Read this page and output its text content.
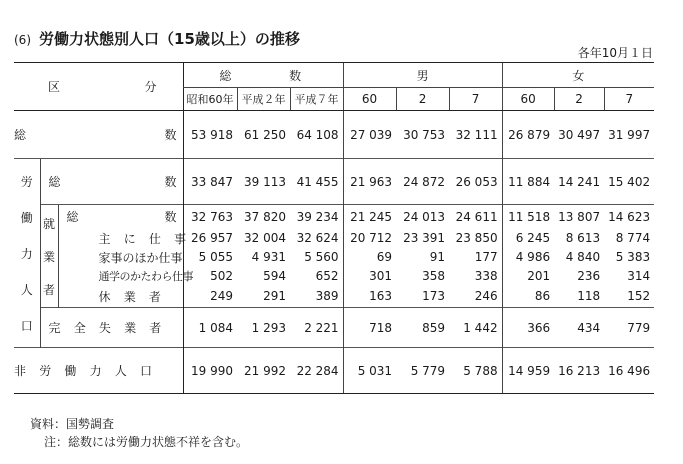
(6) 労働力状態別人口（15歳以上）の推移
各年10月１日
区 分			総　　　数			男			女		
			昭和60年	平成２年	平成７年	60	2	7	60	2	7

総 数			53 918	61 250	64 108	27 039	30 753	32 111	26 879	30 497	31 997

労
働
力
人
口	総 数		33 847	39 113	41 455	21 963	24 872	26 053	11 884	14 241	15 402

	就
業
者	総 数	32 763	37 820	39 234	21 245	24 013	24 611	11 518	13 807	14 623

		主に仕事	26 957	32 004	32 624	20 712	23 391	23 850	6 245	8 613	8 774

		家事のほか仕事	5 055	4 931	5 560	69	91	177	4 986	4 840	5 383

		通学のかたわら仕事	502	594	652	301	358	338	201	236	314

		休業者	249	291	389	163	173	246	86	118	152

	完全失業者		1 084	1 293	2 221	718	859	1 442	366	434	779

非労働力人口			19 990	21 992	22 284	5 031	5 779	5 788	14 959	16 213	16 496
資料：国勢調査
注：総数には労働力状態不祥を含む。
